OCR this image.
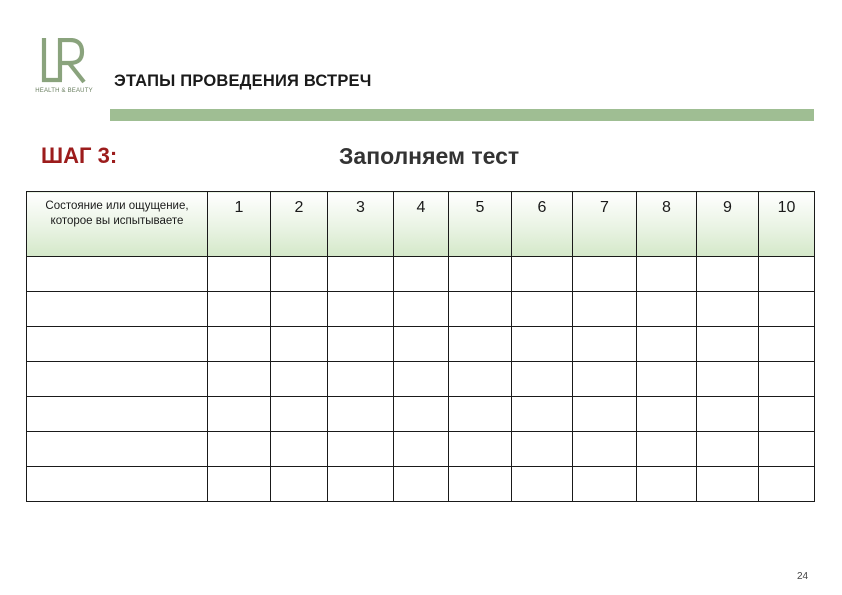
HEALTH & BEAUTY
ЭТАПЫ ПРОВЕДЕНИЯ ВСТРЕЧ
ШАГ 3:	Заполняем тест
Состояние или ощущение, которое вы испытываете	1	2	3	4	5	6	7	8	9	10

24
